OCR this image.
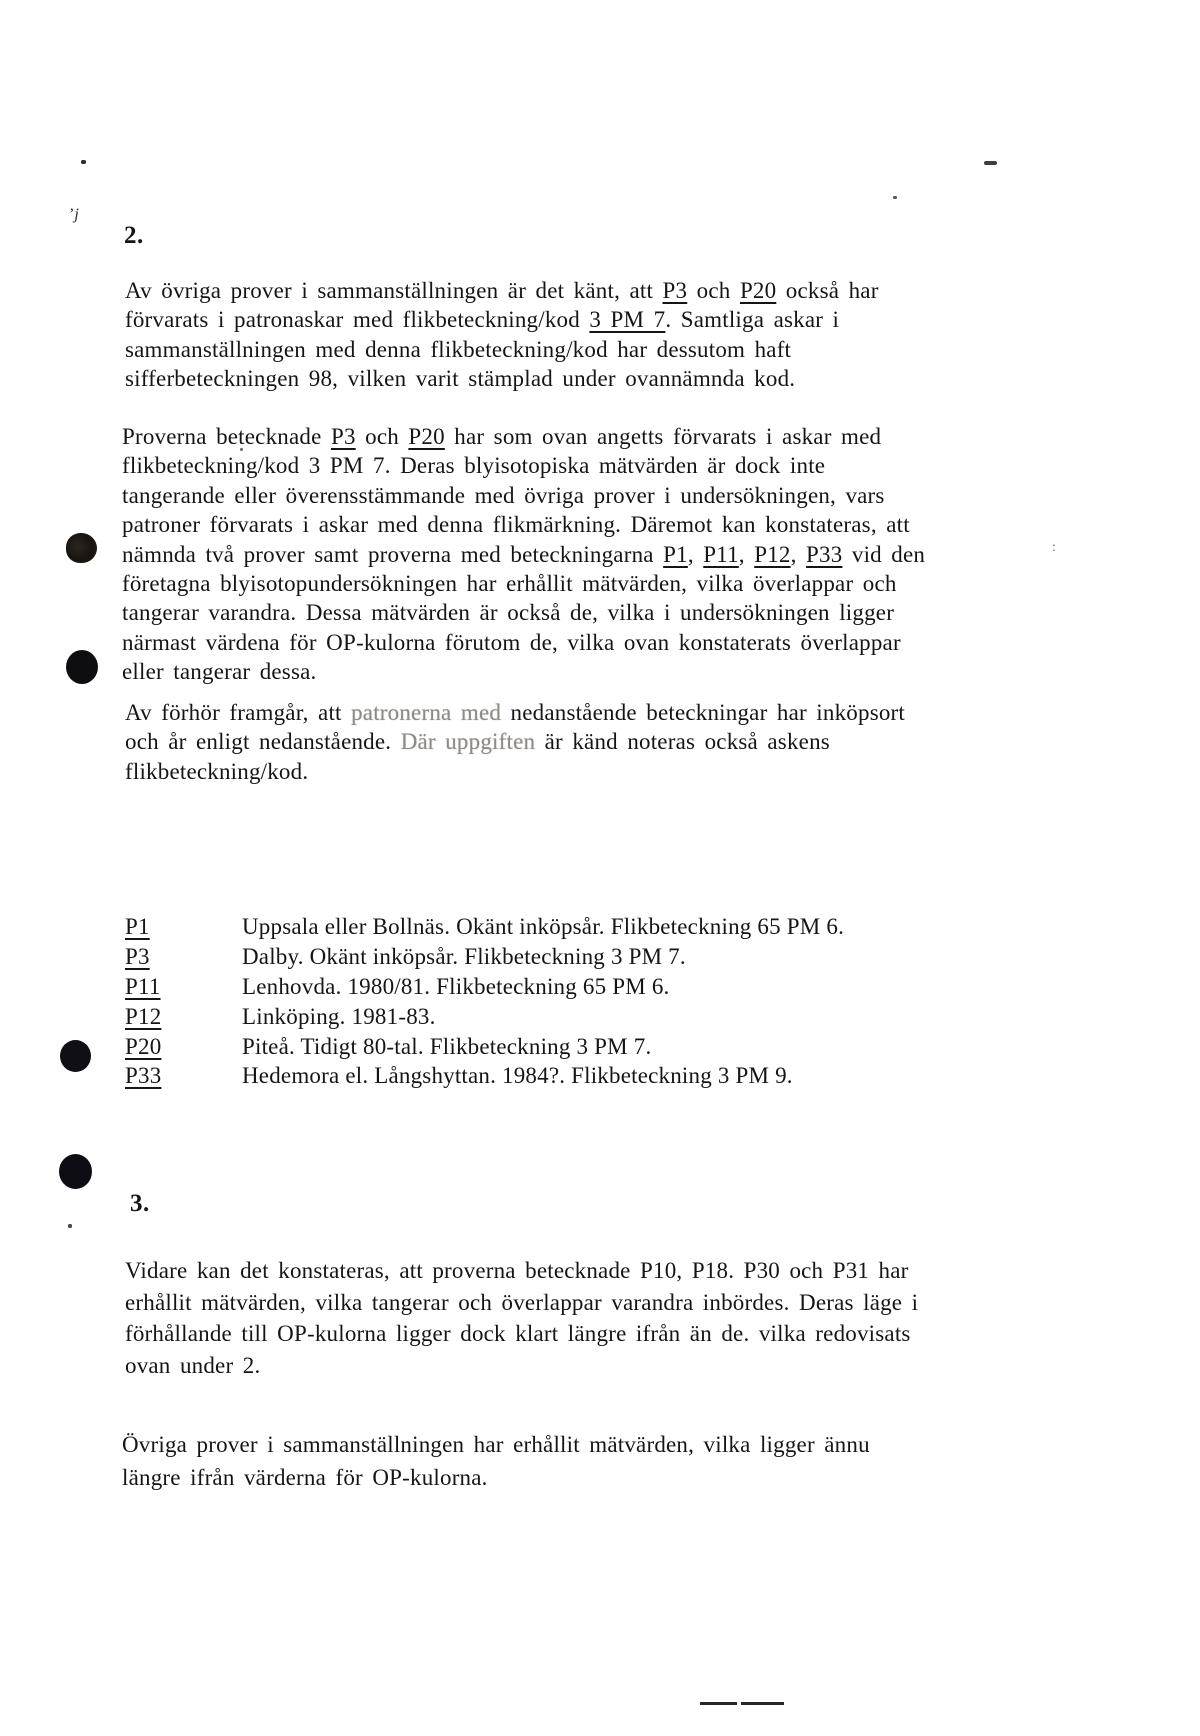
’j
:
2.
Av övriga prover i sammanställningen är det känt, att P3 och P20 också har
förvarats i patronaskar med flikbeteckning/kod 3 PM 7. Samtliga askar i
sammanställningen med denna flikbeteckning/kod har dessutom haft
sifferbeteckningen 98, vilken varit stämplad under ovannämnda kod.
Proverna betecknade P3 och P20 har som ovan angetts förvarats i askar med
flikbeteckning/kod 3 PM 7. Deras blyisotopiska mätvärden är dock inte
tangerande eller överensstämmande med övriga prover i undersökningen, vars
patroner förvarats i askar med denna flikmärkning. Däremot kan konstateras, att
nämnda två prover samt proverna med beteckningarna P1, P11, P12, P33 vid den
företagna blyisotopundersökningen har erhållit mätvärden, vilka överlappar och
tangerar varandra. Dessa mätvärden är också de, vilka i undersökningen ligger
närmast värdena för OP-kulorna förutom de, vilka ovan konstaterats överlappar
eller tangerar dessa.
Av förhör framgår, att patronerna med nedanstående beteckningar har inköpsort
och år enligt nedanstående. Där uppgiften är känd noteras också askens
flikbeteckning/kod.
P1	Uppsala eller Bollnäs. Okänt inköpsår. Flikbeteckning 65 PM 6.
P3	Dalby. Okänt inköpsår. Flikbeteckning 3 PM 7.
P11	Lenhovda. 1980/81. Flikbeteckning 65 PM 6.
P12	Linköping. 1981-83.
P20	Piteå. Tidigt 80-tal. Flikbeteckning 3 PM 7.
P33	Hedemora el. Långshyttan. 1984?. Flikbeteckning 3 PM 9.
3.
Vidare kan det konstateras, att proverna betecknade P10, P18. P30 och P31 har
erhållit mätvärden, vilka tangerar och överlappar varandra inbördes. Deras läge i
förhållande till OP-kulorna ligger dock klart längre ifrån än de. vilka redovisats
ovan under 2.
Övriga prover i sammanställningen har erhållit mätvärden, vilka ligger ännu
längre ifrån värderna för OP-kulorna.
